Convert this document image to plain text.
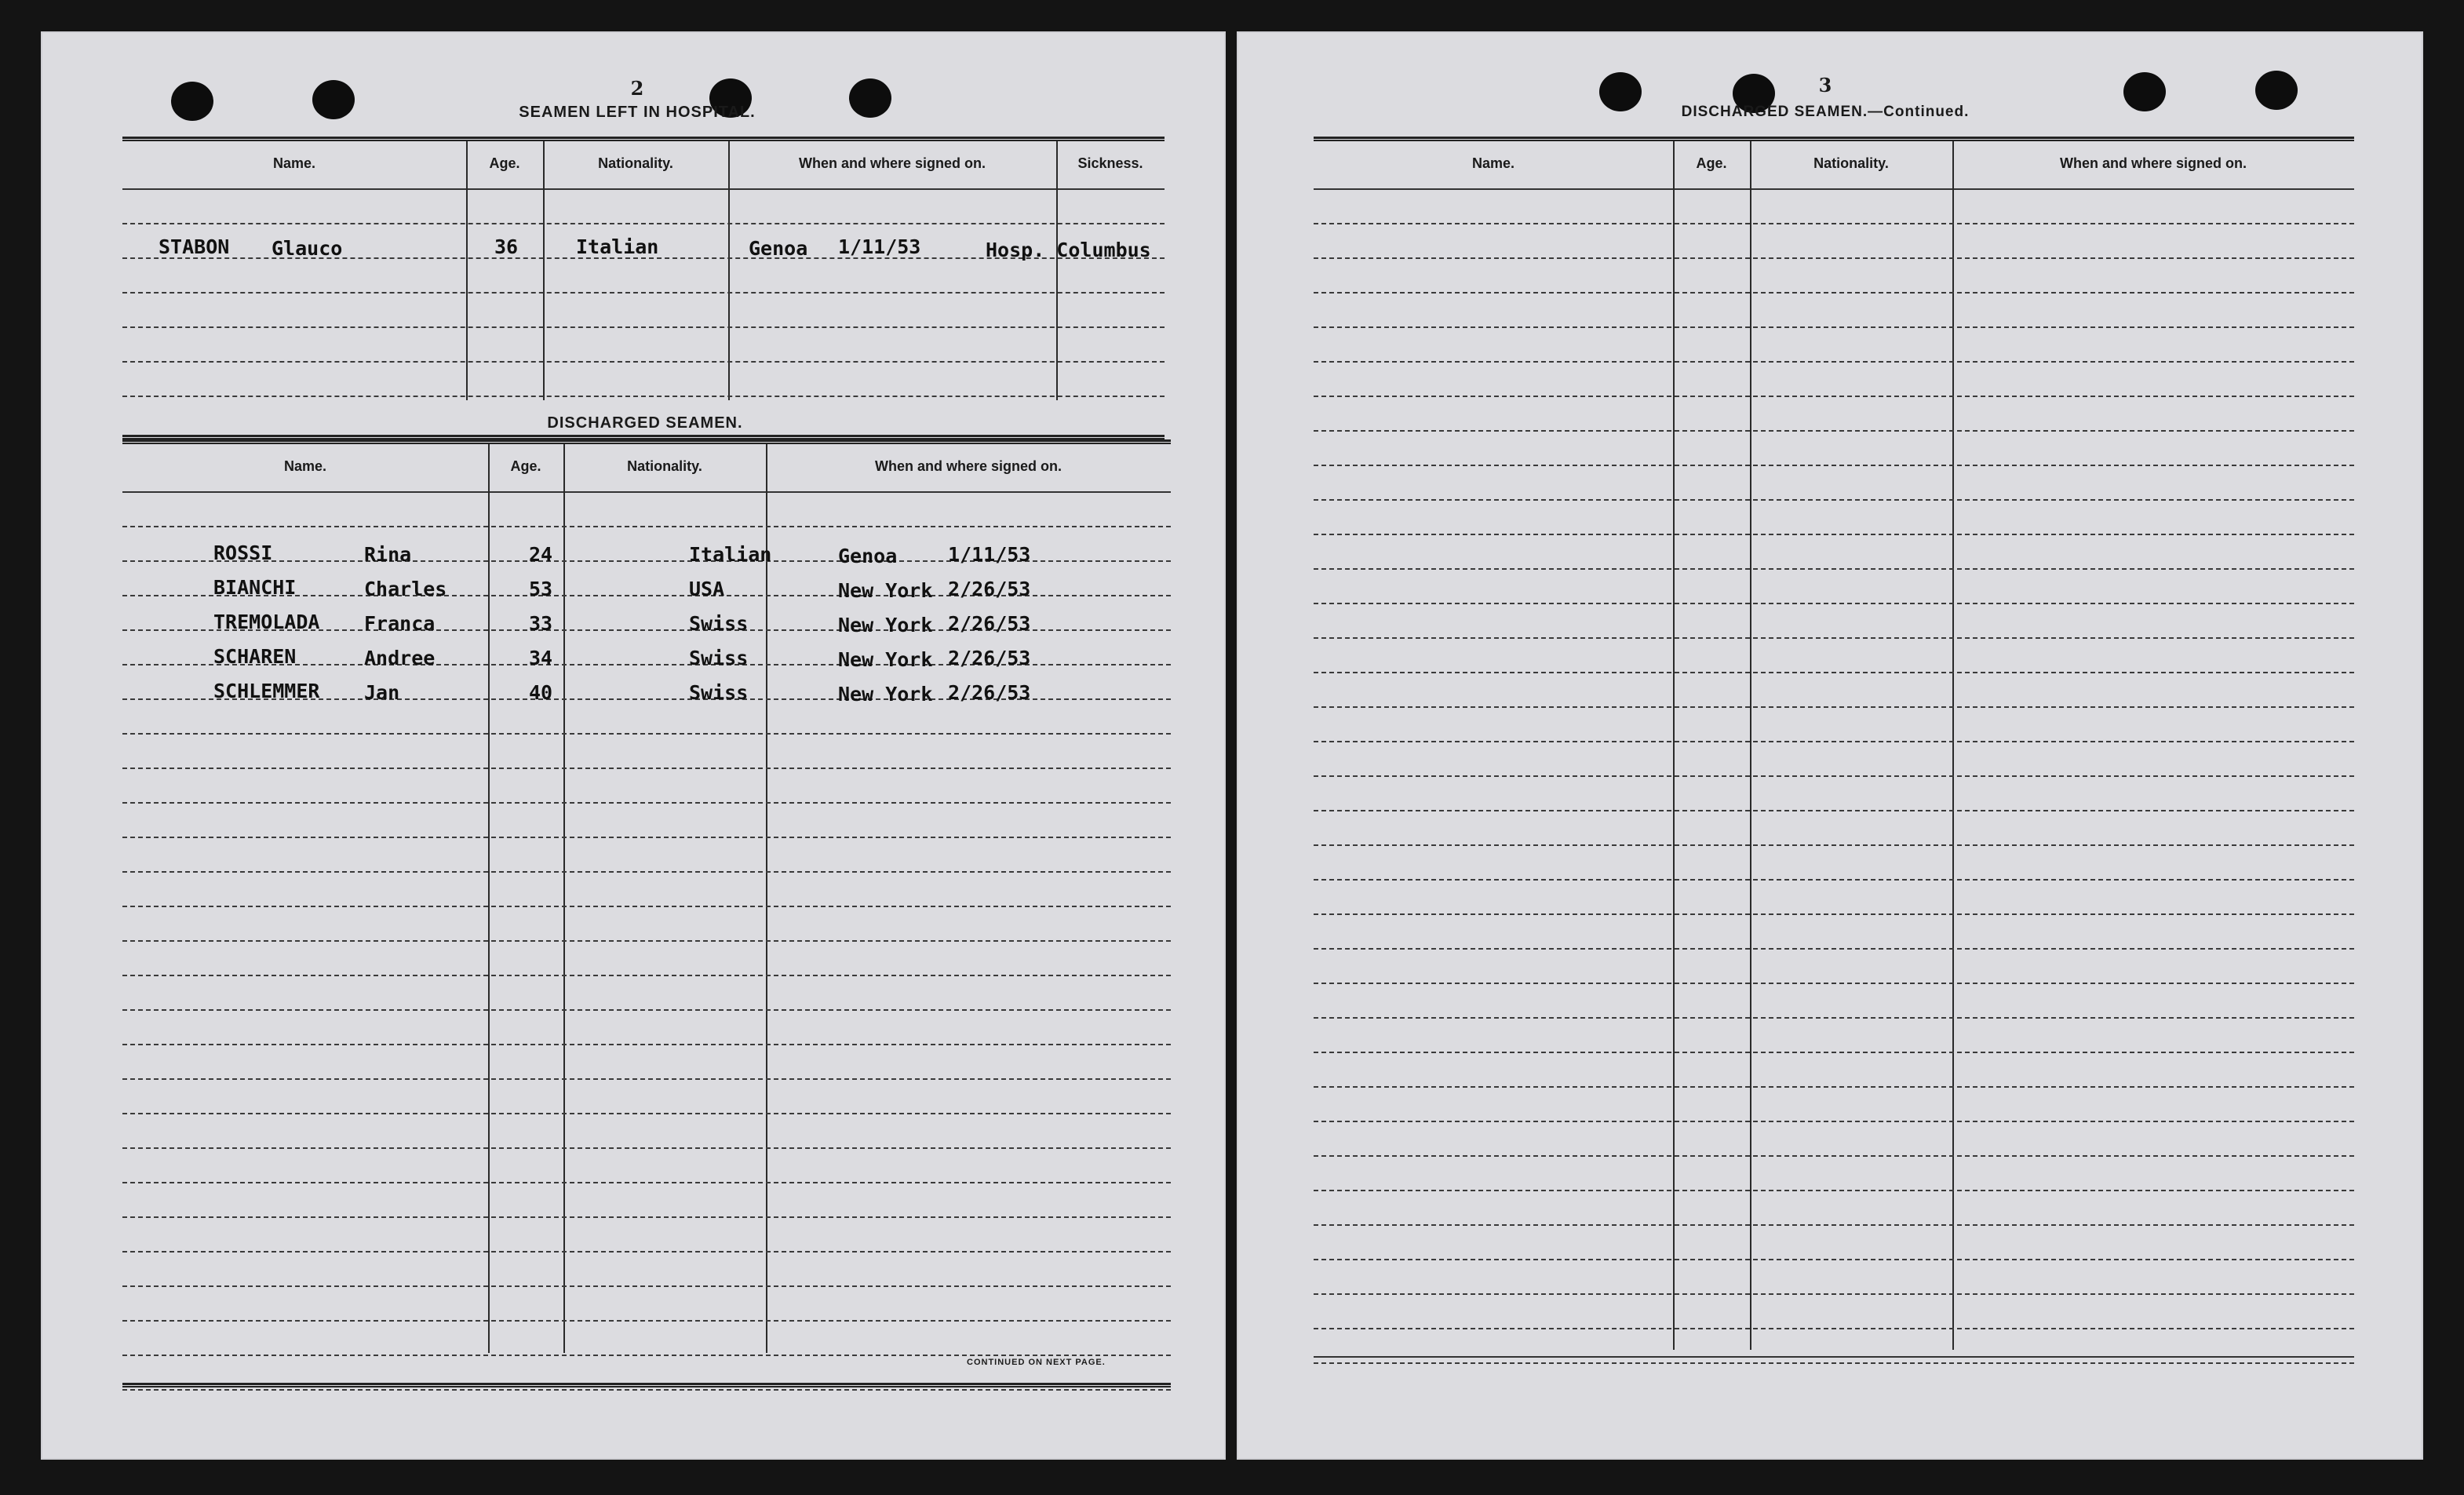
2
SEAMEN LEFT IN HOSPITAL.
Name.	Age.	Nationality.	When and where signed on.	Sickness.
STABON Glauco	36	Italian	Genoa 1/11/53	Hosp. Columbus
DISCHARGED SEAMEN.
Name.	Age.	Nationality.	When and where signed on.
ROSSI	Rina	24	Italian	Genoa	1/11/53
BIANCHI	Charles	53	USA	New York 2/26/53
TREMOLADA Franca	33	Swiss	New York 2/26/53
SCHAREN	Andree	34	Swiss	New York 2/26/53
SCHLEMMER Jan	40	Swiss	New York 2/26/53
CONTINUED ON NEXT PAGE.
3
DISCHARGED SEAMEN.—Continued.
Name.	Age.	Nationality.	When and where signed on.
